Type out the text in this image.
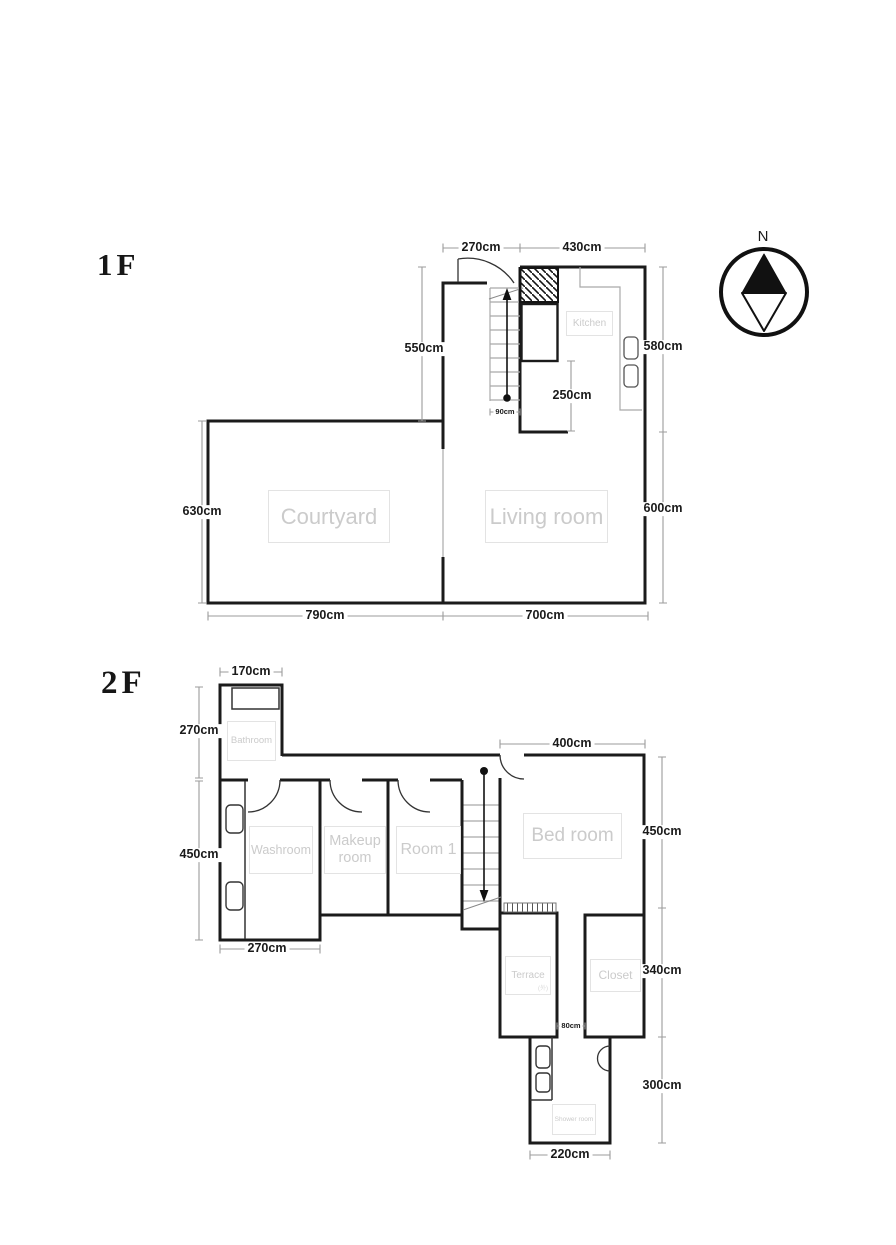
1F
2F
N
270cm	430cm
550cm	580cm
250cm
90cm
630cm
790cm	700cm
600cm
Kitchen
Courtyard	Living room
170cm
270cm
450cm
270cm
400cm
450cm
340cm
80cm
300cm
220cm
Bathroom
Washroom
Makeup room
Room 1
Bed room
Terrace
(外)
Closet
Shower room
